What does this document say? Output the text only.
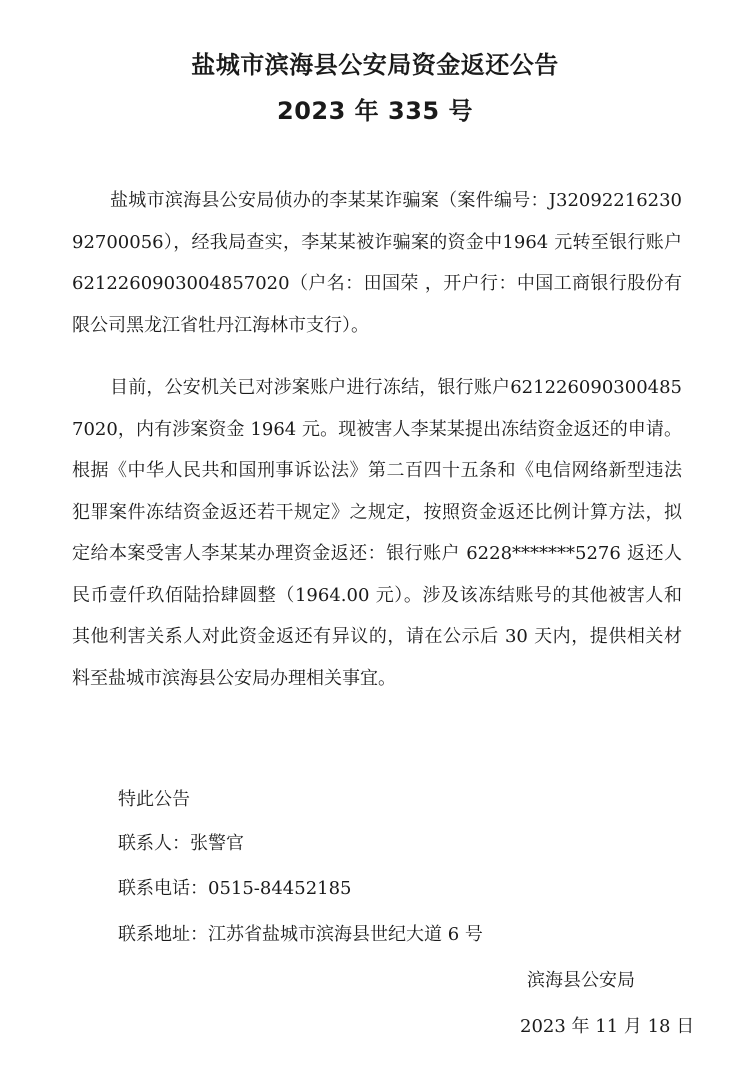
盐城市滨海县公安局资金返还公告
2023 年 335 号

盐城市滨海县公安局侦办的李某某诈骗案（案件编号：J3209221623092700056），经我局查实，李某某被诈骗案的资金中1964 元转至银行账户 6212260903004857020（户名：田国荣 ，开户行：中国工商银行股份有限公司黑龙江省牡丹江海林市支行）。

目前，公安机关已对涉案账户进行冻结，银行账户6212260903004857020，内有涉案资金 1964 元。现被害人李某某提出冻结资金返还的申请。根据《中华人民共和国刑事诉讼法》第二百四十五条和《电信网络新型违法犯罪案件冻结资金返还若干规定》之规定，按照资金返还比例计算方法，拟定给本案受害人李某某办理资金返还：银行账户 6228*******5276 返还人民币壹仟玖佰陆拾肆圆整（1964.00 元）。涉及该冻结账号的其他被害人和其他利害关系人对此资金返还有异议的，请在公示后 30 天内，提供相关材料至盐城市滨海县公安局办理相关事宜。

特此公告
联系人：张警官
联系电话：0515-84452185
联系地址：江苏省盐城市滨海县世纪大道 6 号
滨海县公安局
2023 年 11 月 18 日
